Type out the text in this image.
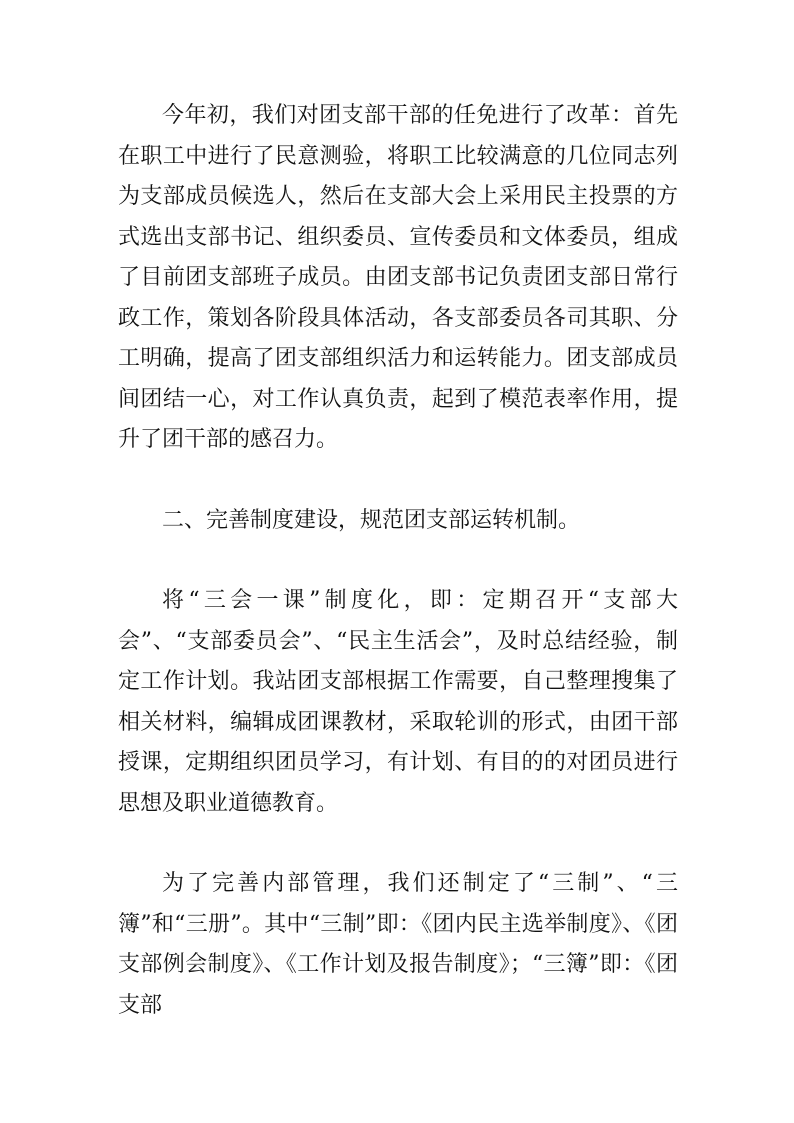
今年初，我们对团支部干部的任免进行了改革：首先在职工中进行了民意测验，将职工比较满意的几位同志列为支部成员候选人，然后在支部大会上采用民主投票的方式选出支部书记、组织委员、宣传委员和文体委员，组成了目前团支部班子成员。由团支部书记负责团支部日常行政工作，策划各阶段具体活动，各支部委员各司其职、分工明确，提高了团支部组织活力和运转能力。团支部成员间团结一心，对工作认真负责，起到了模范表率作用，提升了团干部的感召力。

二、完善制度建设，规范团支部运转机制。

将“三会一课”制度化，即：定期召开“支部大会”、“支部委员会”、“民主生活会”，及时总结经验，制定工作计划。我站团支部根据工作需要，自己整理搜集了相关材料，编辑成团课教材，采取轮训的形式，由团干部授课，定期组织团员学习，有计划、有目的的对团员进行思想及职业道德教育。

为了完善内部管理，我们还制定了“三制”、“三簿”和“三册”。其中“三制”即：《团内民主选举制度》、《团支部例会制度》、《工作计划及报告制度》；“三簿”即：《团支部
